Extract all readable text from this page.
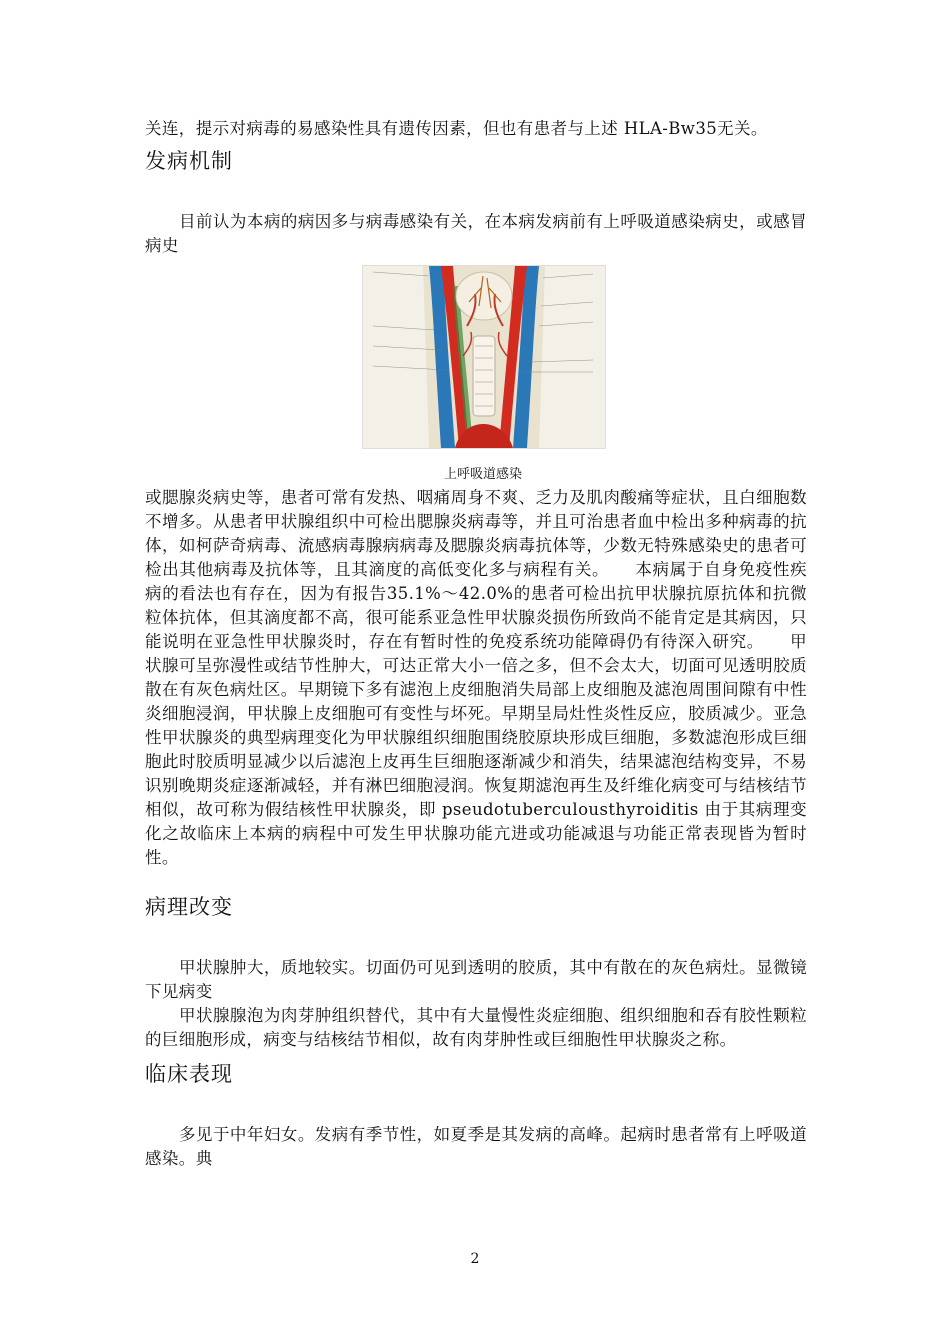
关连，提示对病毒的易感染性具有遗传因素，但也有患者与上述 HLA-Bw35无关。

发病机制

目前认为本病的病因多与病毒感染有关，在本病发病前有上呼吸道感染病史，或感冒病史

上呼吸道感染

或腮腺炎病史等，患者可常有发热、咽痛周身不爽、乏力及肌肉酸痛等症状，且白细胞数不增多。从患者甲状腺组织中可检出腮腺炎病毒等，并且可治患者血中检出多种病毒的抗体，如柯萨奇病毒、流感病毒腺病病毒及腮腺炎病毒抗体等，少数无特殊感染史的患者可检出其他病毒及抗体等，且其滴度的高低变化多与病程有关。　　本病属于自身免疫性疾病的看法也有存在，因为有报告35.1%～42.0%的患者可检出抗甲状腺抗原抗体和抗微粒体抗体，但其滴度都不高，很可能系亚急性甲状腺炎损伤所致尚不能肯定是其病因，只能说明在亚急性甲状腺炎时，存在有暂时性的免疫系统功能障碍仍有待深入研究。　　甲状腺可呈弥漫性或结节性肿大，可达正常大小一倍之多，但不会太大，切面可见透明胶质散在有灰色病灶区。早期镜下多有滤泡上皮细胞消失局部上皮细胞及滤泡周围间隙有中性炎细胞浸润，甲状腺上皮细胞可有变性与坏死。早期呈局灶性炎性反应，胶质减少。亚急性甲状腺炎的典型病理变化为甲状腺组织细胞围绕胶原块形成巨细胞，多数滤泡形成巨细胞此时胶质明显减少以后滤泡上皮再生巨细胞逐渐减少和消失，结果滤泡结构变异，不易识别晚期炎症逐渐减轻，并有淋巴细胞浸润。恢复期滤泡再生及纤维化病变可与结核结节相似，故可称为假结核性甲状腺炎，即 pseudotuberculousthyroiditis 由于其病理变化之故临床上本病的病程中可发生甲状腺功能亢进或功能减退与功能正常表现皆为暂时性。

病理改变

甲状腺肿大，质地较实。切面仍可见到透明的胶质，其中有散在的灰色病灶。显微镜下见病变

甲状腺腺泡为肉芽肿组织替代，其中有大量慢性炎症细胞、组织细胞和吞有胶性颗粒的巨细胞形成，病变与结核结节相似，故有肉芽肿性或巨细胞性甲状腺炎之称。

临床表现

多见于中年妇女。发病有季节性，如夏季是其发病的高峰。起病时患者常有上呼吸道感染。典

2
